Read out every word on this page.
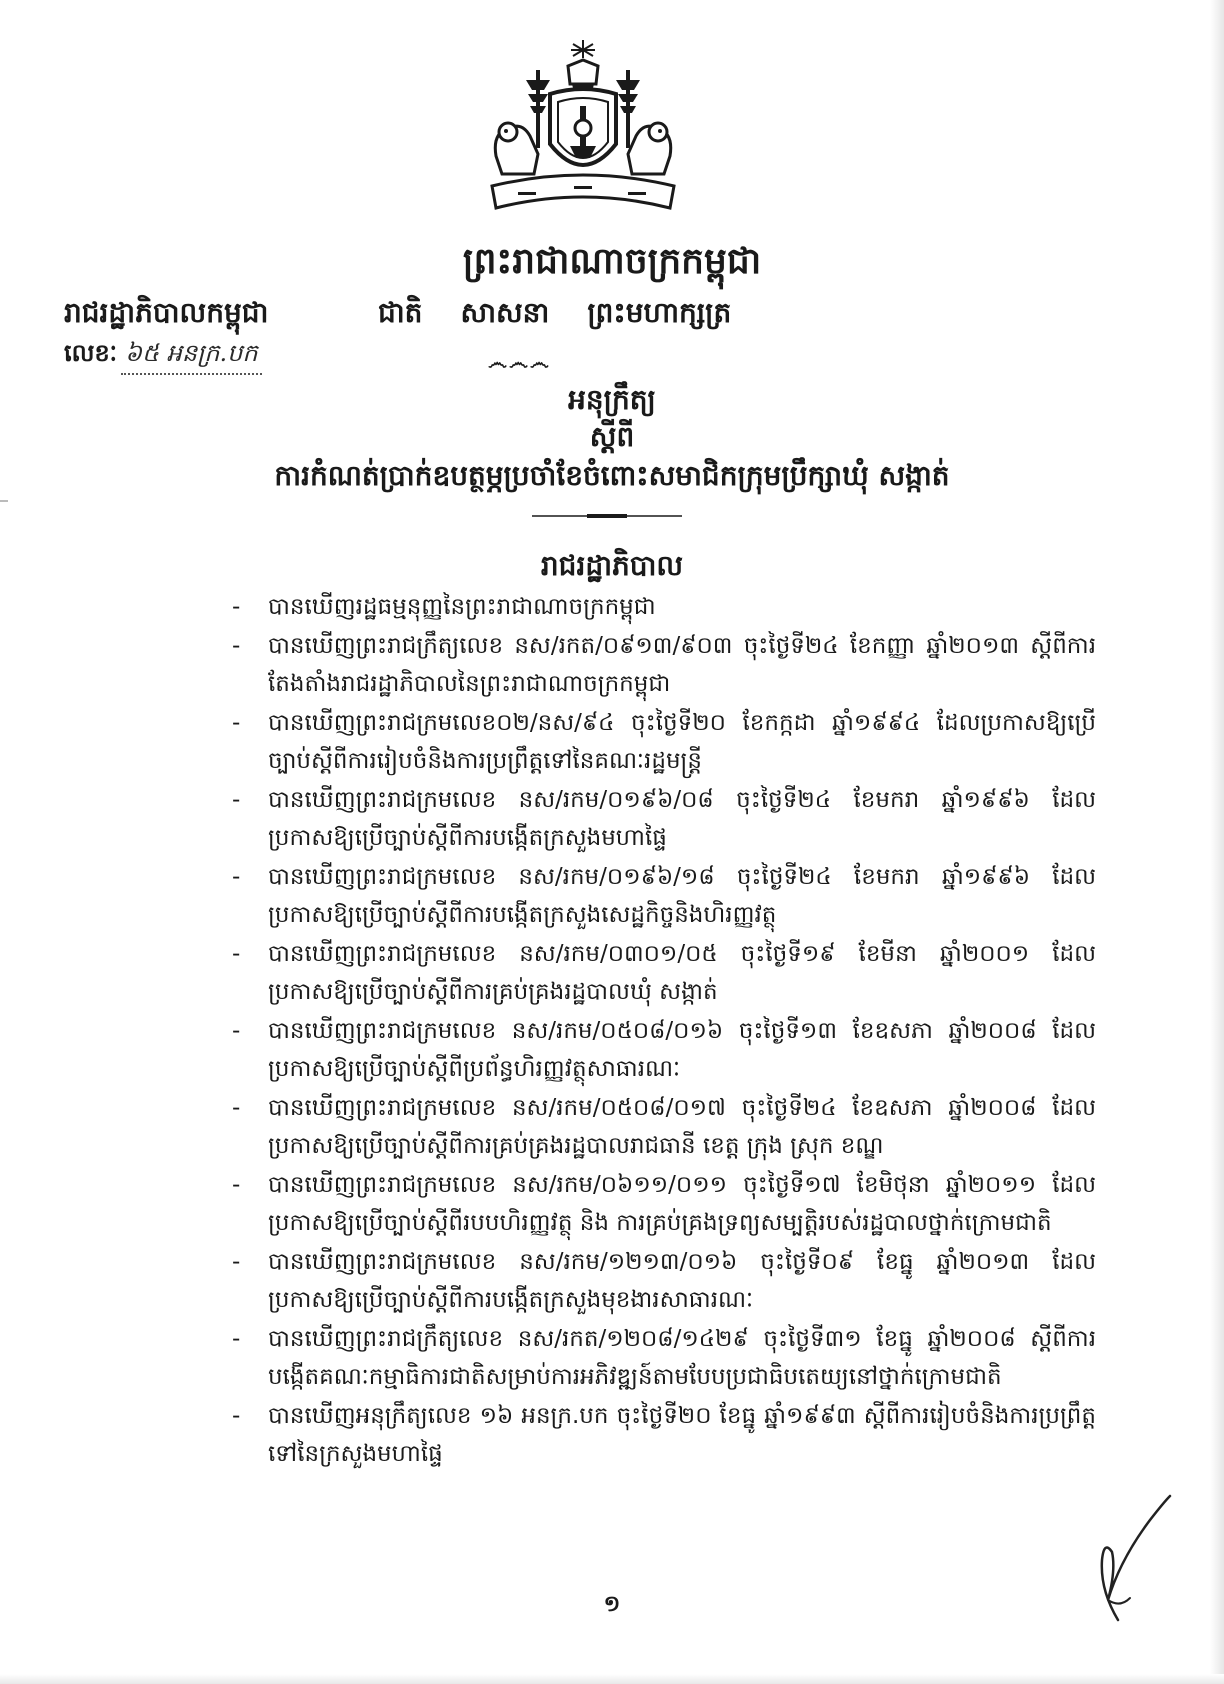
ព្រះរាជាណាចក្រកម្ពុជា
រាជរដ្ឋាភិបាលកម្ពុជា	ជាតិ សាសនា ព្រះមហាក្សត្រ
លេខៈ ៦៥ អនក្រ.បក	෴෴෴
អនុក្រឹត្យ
ស្តីពី
ការកំណត់ប្រាក់ឧបត្ថម្ភប្រចាំខែចំពោះសមាជិកក្រុមប្រឹក្សាឃុំ សង្កាត់
រាជរដ្ឋាភិបាល
- បានឃើញរដ្ឋធម្មនុញ្ញនៃព្រះរាជាណាចក្រកម្ពុជា
- បានឃើញព្រះរាជក្រឹត្យលេខ នស/រកត/០៩១៣/៩០៣ ចុះថ្ងៃទី២៤ ខែកញ្ញា ឆ្នាំ២០១៣ ស្តីពីការតែងតាំងរាជរដ្ឋាភិបាលនៃព្រះរាជាណាចក្រកម្ពុជា
- បានឃើញព្រះរាជក្រមលេខ០២/នស/៩៤ ចុះថ្ងៃទី២០ ខែកក្កដា ឆ្នាំ១៩៩៤ ដែលប្រកាសឱ្យប្រើច្បាប់ស្តីពីការរៀបចំនិងការប្រព្រឹត្តទៅនៃគណៈរដ្ឋមន្ត្រី
- បានឃើញព្រះរាជក្រមលេខ នស/រកម/០១៩៦/០៨ ចុះថ្ងៃទី២៤ ខែមករា ឆ្នាំ១៩៩៦ ដែលប្រកាសឱ្យប្រើច្បាប់ស្តីពីការបង្កើតក្រសួងមហាផ្ទៃ
- បានឃើញព្រះរាជក្រមលេខ នស/រកម/០១៩៦/១៨ ចុះថ្ងៃទី២៤ ខែមករា ឆ្នាំ១៩៩៦ ដែលប្រកាសឱ្យប្រើច្បាប់ស្តីពីការបង្កើតក្រសួងសេដ្ឋកិច្ចនិងហិរញ្ញវត្ថុ
- បានឃើញព្រះរាជក្រមលេខ នស/រកម/០៣០១/០៥ ចុះថ្ងៃទី១៩ ខែមីនា ឆ្នាំ២០០១ ដែលប្រកាសឱ្យប្រើច្បាប់ស្តីពីការគ្រប់គ្រងរដ្ឋបាលឃុំ សង្កាត់
- បានឃើញព្រះរាជក្រមលេខ នស/រកម/០៥០៨/០១៦ ចុះថ្ងៃទី១៣ ខែឧសភា ឆ្នាំ២០០៨ ដែលប្រកាសឱ្យប្រើច្បាប់ស្តីពីប្រព័ន្ធហិរញ្ញវត្ថុសាធារណៈ
- បានឃើញព្រះរាជក្រមលេខ នស/រកម/០៥០៨/០១៧ ចុះថ្ងៃទី២៤ ខែឧសភា ឆ្នាំ២០០៨ ដែលប្រកាសឱ្យប្រើច្បាប់ស្តីពីការគ្រប់គ្រងរដ្ឋបាលរាជធានី ខេត្ត ក្រុង ស្រុក ខណ្ឌ
- បានឃើញព្រះរាជក្រមលេខ នស/រកម/០៦១១/០១១ ចុះថ្ងៃទី១៧ ខែមិថុនា ឆ្នាំ២០១១ ដែលប្រកាសឱ្យប្រើច្បាប់ស្តីពីរបបហិរញ្ញវត្ថុ និង ការគ្រប់គ្រងទ្រព្យសម្បត្តិរបស់រដ្ឋបាលថ្នាក់ក្រោមជាតិ
- បានឃើញព្រះរាជក្រមលេខ នស/រកម/១២១៣/០១៦ ចុះថ្ងៃទី០៩ ខែធ្នូ ឆ្នាំ២០១៣ ដែលប្រកាសឱ្យប្រើច្បាប់ស្តីពីការបង្កើតក្រសួងមុខងារសាធារណៈ
- បានឃើញព្រះរាជក្រឹត្យលេខ នស/រកត/១២០៨/១៤២៩ ចុះថ្ងៃទី៣១ ខែធ្នូ ឆ្នាំ២០០៨ ស្តីពីការបង្កើតគណៈកម្មាធិការជាតិសម្រាប់ការអភិវឌ្ឍន៍តាមបែបប្រជាធិបតេយ្យនៅថ្នាក់ក្រោមជាតិ
- បានឃើញអនុក្រឹត្យលេខ ១៦ អនក្រ.បក ចុះថ្ងៃទី២០ ខែធ្នូ ឆ្នាំ១៩៩៣ ស្តីពីការរៀបចំនិងការប្រព្រឹត្តទៅនៃក្រសួងមហាផ្ទៃ
១
